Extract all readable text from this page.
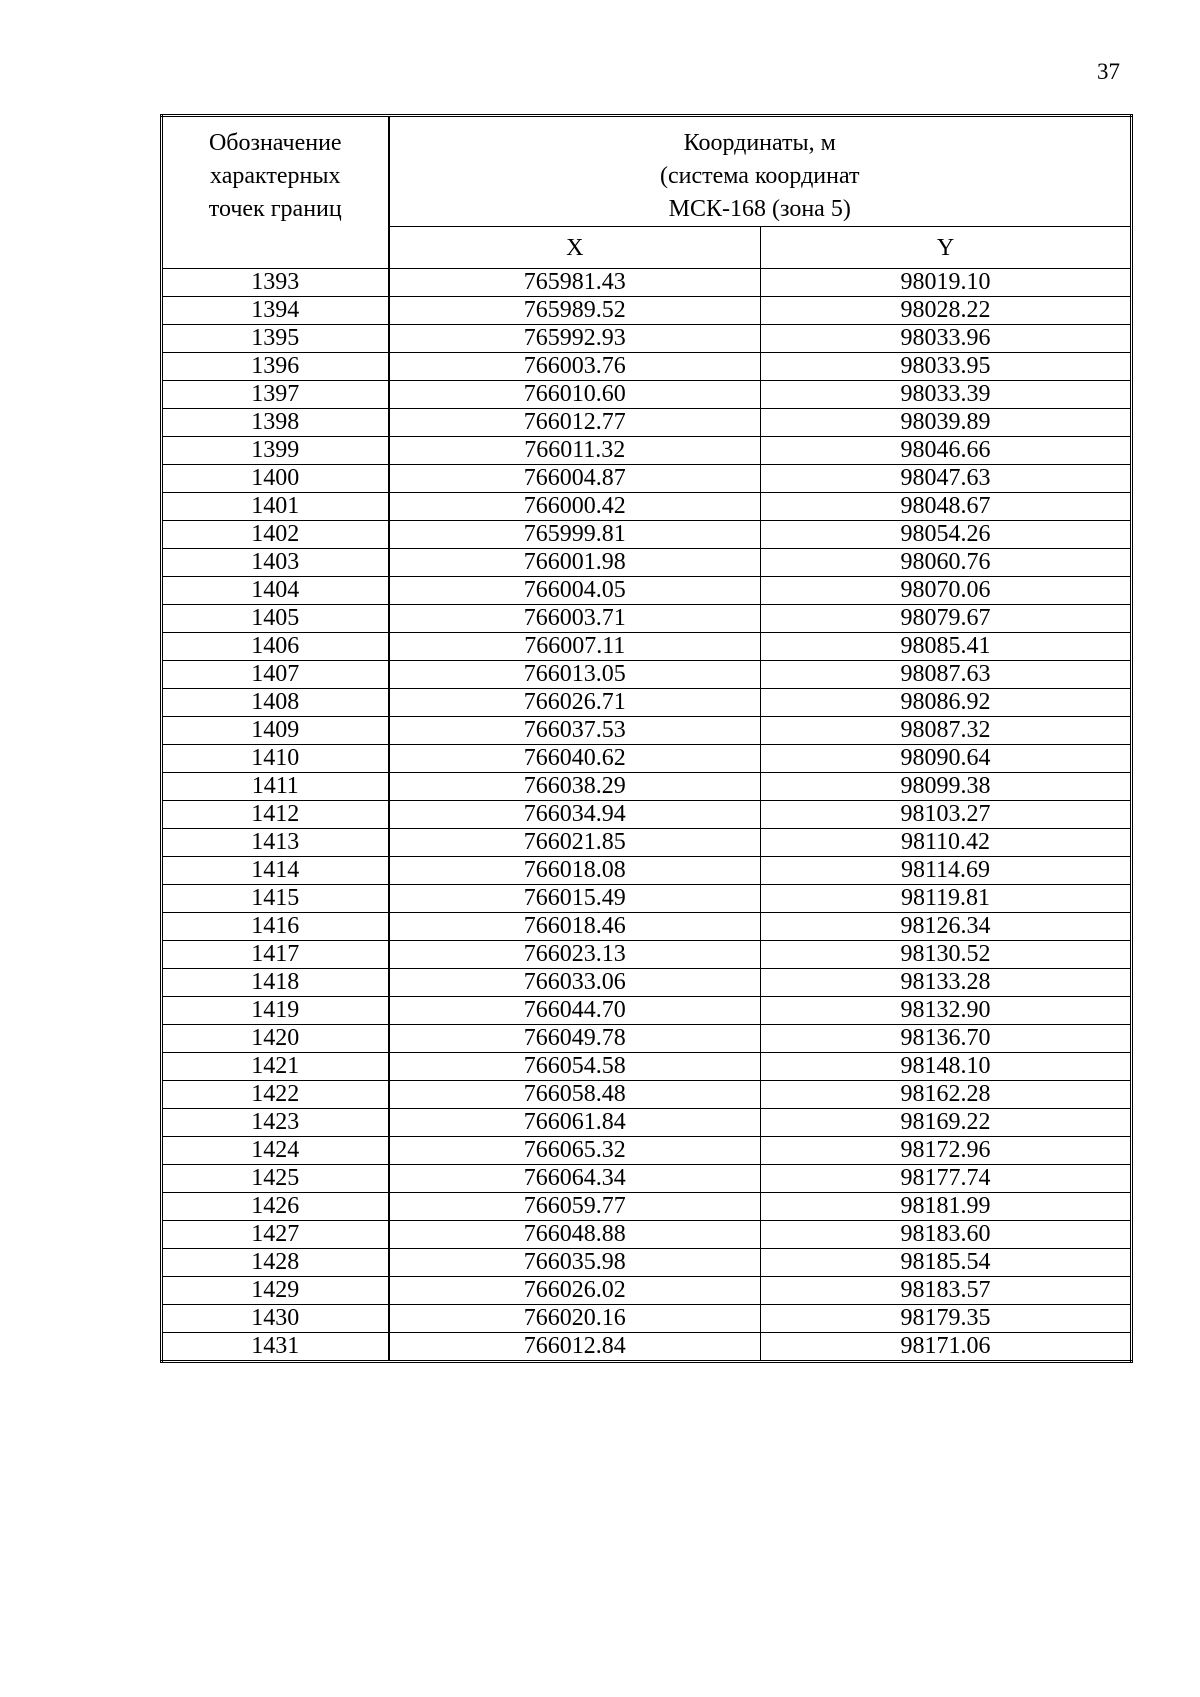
37
Обозначение
характерных
точек границ	Координаты, м
(система координат
МСК-168 (зона 5)	

	X	Y
1393	765981.43	98019.10
1394	765989.52	98028.22
1395	765992.93	98033.96
1396	766003.76	98033.95
1397	766010.60	98033.39
1398	766012.77	98039.89
1399	766011.32	98046.66
1400	766004.87	98047.63
1401	766000.42	98048.67
1402	765999.81	98054.26
1403	766001.98	98060.76
1404	766004.05	98070.06
1405	766003.71	98079.67
1406	766007.11	98085.41
1407	766013.05	98087.63
1408	766026.71	98086.92
1409	766037.53	98087.32
1410	766040.62	98090.64
1411	766038.29	98099.38
1412	766034.94	98103.27
1413	766021.85	98110.42
1414	766018.08	98114.69
1415	766015.49	98119.81
1416	766018.46	98126.34
1417	766023.13	98130.52
1418	766033.06	98133.28
1419	766044.70	98132.90
1420	766049.78	98136.70
1421	766054.58	98148.10
1422	766058.48	98162.28
1423	766061.84	98169.22
1424	766065.32	98172.96
1425	766064.34	98177.74
1426	766059.77	98181.99
1427	766048.88	98183.60
1428	766035.98	98185.54
1429	766026.02	98183.57
1430	766020.16	98179.35
1431	766012.84	98171.06
